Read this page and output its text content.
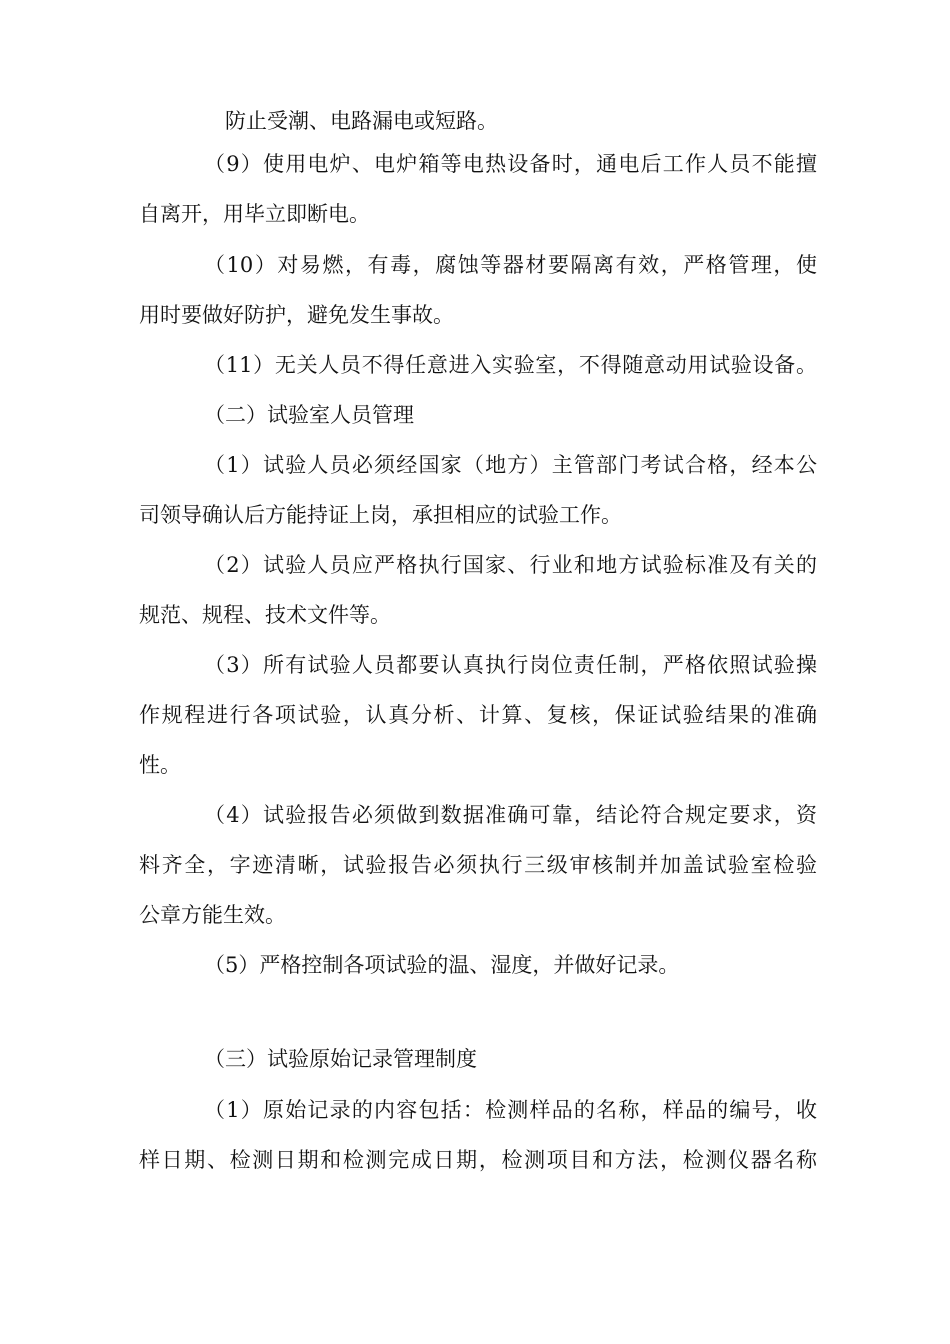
防止受潮、电路漏电或短路。

（9）使用电炉、电炉箱等电热设备时，通电后工作人员不能擅

自离开，用毕立即断电。

（10）对易燃，有毒，腐蚀等器材要隔离有效，严格管理，使

用时要做好防护，避免发生事故。

（11）无关人员不得任意进入实验室，不得随意动用试验设备。

（二）试验室人员管理

（1）试验人员必须经国家（地方）主管部门考试合格，经本公

司领导确认后方能持证上岗，承担相应的试验工作。

（2）试验人员应严格执行国家、行业和地方试验标准及有关的

规范、规程、技术文件等。

（3）所有试验人员都要认真执行岗位责任制，严格依照试验操

作规程进行各项试验，认真分析、计算、复核，保证试验结果的准确

性。

（4）试验报告必须做到数据准确可靠，结论符合规定要求，资

料齐全，字迹清晰，试验报告必须执行三级审核制并加盖试验室检验

公章方能生效。

（5）严格控制各项试验的温、湿度，并做好记录。

（三）试验原始记录管理制度

（1）原始记录的内容包括：检测样品的名称，样品的编号，收

样日期、检测日期和检测完成日期，检测项目和方法，检测仪器名称
